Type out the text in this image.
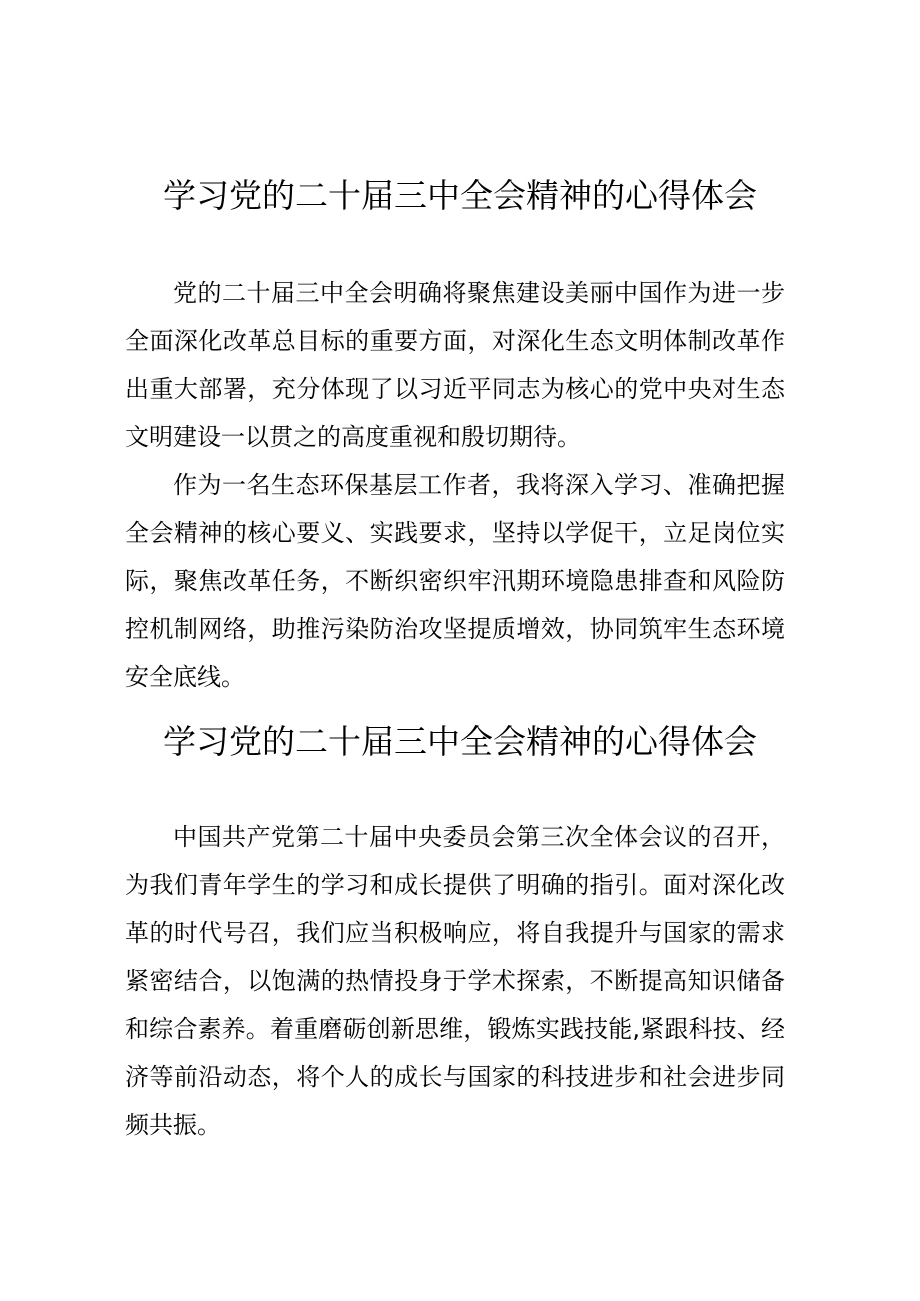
学习党的二十届三中全会精神的心得体会

党的二十届三中全会明确将聚焦建设美丽中国作为进一步全面深化改革总目标的重要方面，对深化生态文明体制改革作出重大部署，充分体现了以习近平同志为核心的党中央对生态文明建设一以贯之的高度重视和殷切期待。

作为一名生态环保基层工作者，我将深入学习、准确把握全会精神的核心要义、实践要求，坚持以学促干，立足岗位实际，聚焦改革任务，不断织密织牢汛期环境隐患排查和风险防控机制网络，助推污染防治攻坚提质增效，协同筑牢生态环境安全底线。

学习党的二十届三中全会精神的心得体会

中国共产党第二十届中央委员会第三次全体会议的召开，为我们青年学生的学习和成长提供了明确的指引。面对深化改革的时代号召，我们应当积极响应，将自我提升与国家的需求紧密结合，以饱满的热情投身于学术探索，不断提高知识储备和综合素养。着重磨砺创新思维，锻炼实践技能,紧跟科技、经济等前沿动态，将个人的成长与国家的科技进步和社会进步同频共振。
